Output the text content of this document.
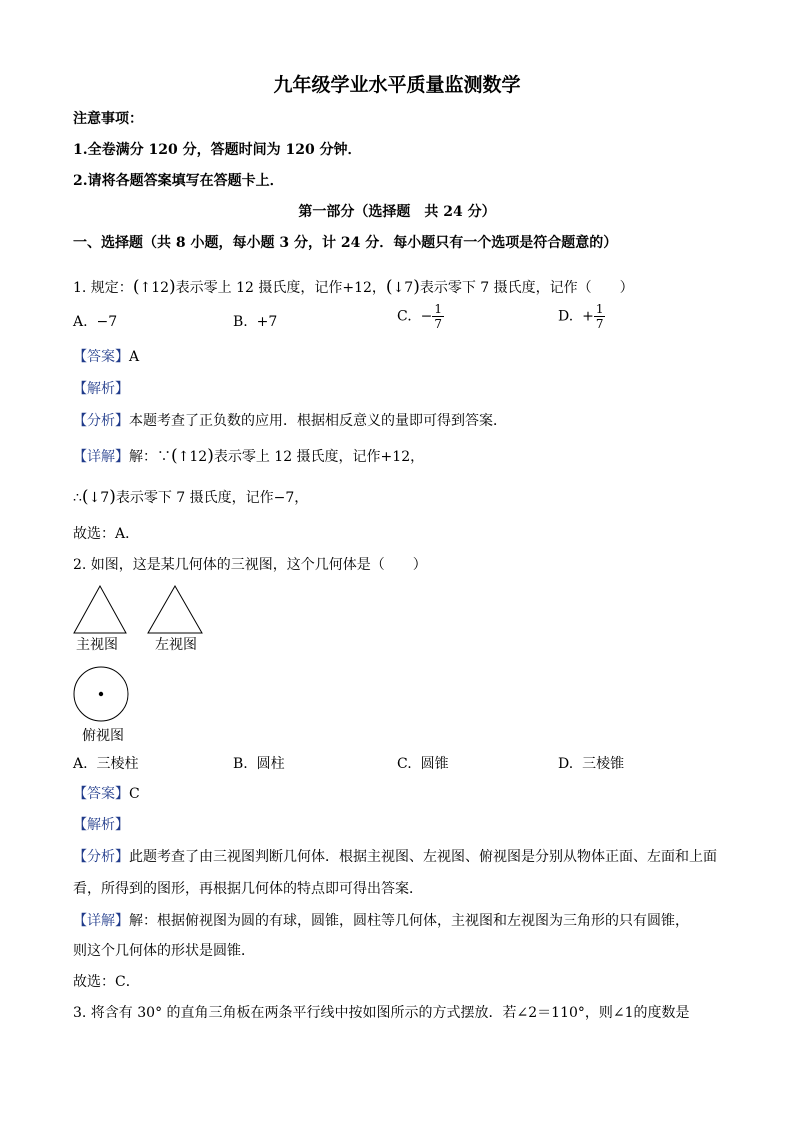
九年级学业水平质量监测数学
注意事项：
1.全卷满分 120 分，答题时间为 120 分钟．
2.请将各题答案填写在答题卡上．
第一部分（选择题　共 24 分）
一、选择题（共 8 小题，每小题 3 分，计 24 分．每小题只有一个选项是符合题意的）
1. 规定：(↑12)表示零上 12 摄氏度，记作+12，(↓7)表示零下 7 摄氏度，记作（　　）
A. −7	B. +7	C. − $\frac{1}{7}$	D. + $\frac{1}{7}$
【答案】A
【解析】
【分析】本题考查了正负数的应用．根据相反意义的量即可得到答案．
【详解】解：∵(↑12)表示零上 12 摄氏度，记作+12，
∴(↓7)表示零下 7 摄氏度，记作−7，
故选：A．
2. 如图，这是某几何体的三视图，这个几何体是（　　）
主视图	左视图
俯视图
A. 三棱柱	B. 圆柱	C. 圆锥	D. 三棱锥
【答案】C
【解析】
【分析】此题考查了由三视图判断几何体．根据主视图、左视图、俯视图是分别从物体正面、左面和上面
看，所得到的图形，再根据几何体的特点即可得出答案．
【详解】解：根据俯视图为圆的有球，圆锥，圆柱等几何体，主视图和左视图为三角形的只有圆锥，
则这个几何体的形状是圆锥．
故选：C．
3. 将含有 30° 的直角三角板在两条平行线中按如图所示的方式摆放．若∠2＝110°，则∠1的度数是
